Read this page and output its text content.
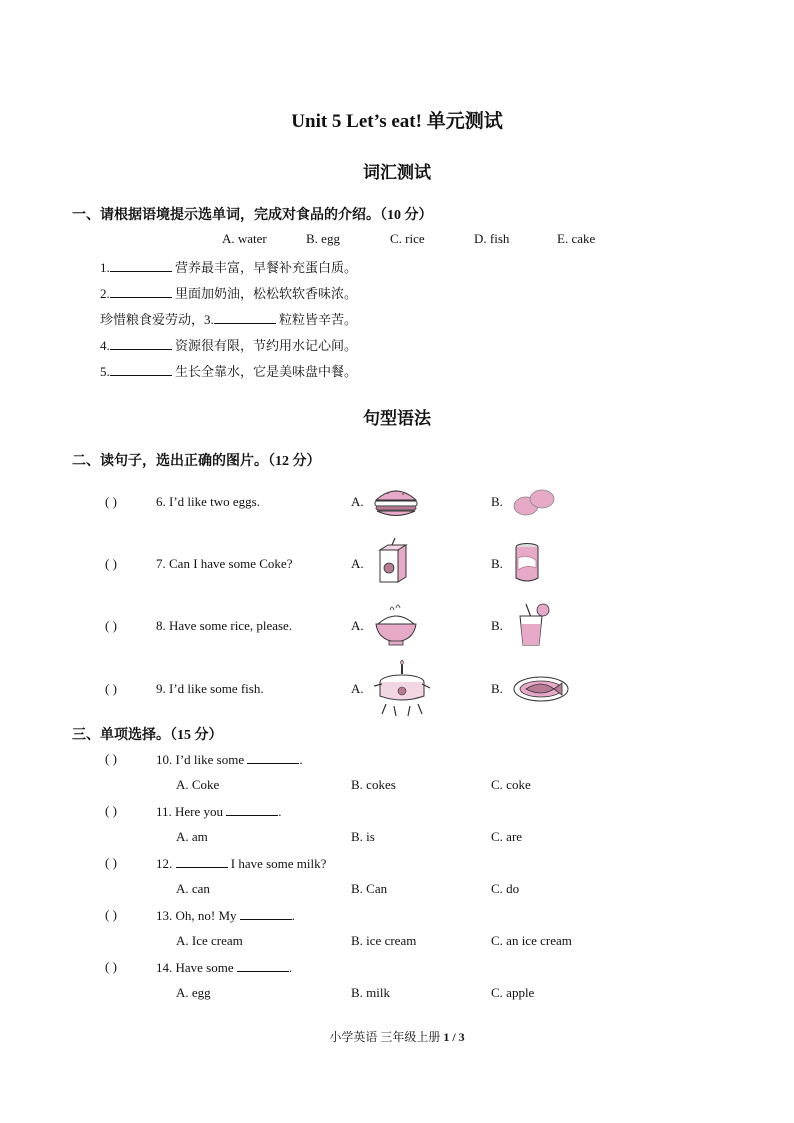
Unit 5 Let’s eat! 单元测试
词汇测试
一、请根据语境提示选单词，完成对食品的介绍。（10 分）
A. water	B. egg	C. rice	D. fish	E. cake
1.	营养最丰富，早餐补充蛋白质。
2.	里面加奶油，松松软软香味浓。
珍惜粮食爱劳动，3.	粒粒皆辛苦。
4.	资源很有限，节约用水记心间。
5.	生长全靠水，它是美味盘中餐。
句型语法
二、读句子，选出正确的图片。（12 分）
( )	6. I’d like two eggs.	A.	B.
( )	7. Can I have some Coke?	A.	B.
( )	8. Have some rice, please.	A.	B.
( )	9. I’d like some fish.	A.	B.
三、单项选择。（15 分）
( )	10. I’d like some	.
A. Coke	B. cokes	C. coke
( )	11. Here you	.
A. am	B. is	C. are
( )	12.	I have some milk?
A. can	B. Can	C. do
( )	13. Oh, no! My	.
A. Ice cream	B. ice cream	C. an ice cream
( )	14. Have some	.
A. egg	B. milk	C. apple
小学英语 三年级上册 1 / 3
